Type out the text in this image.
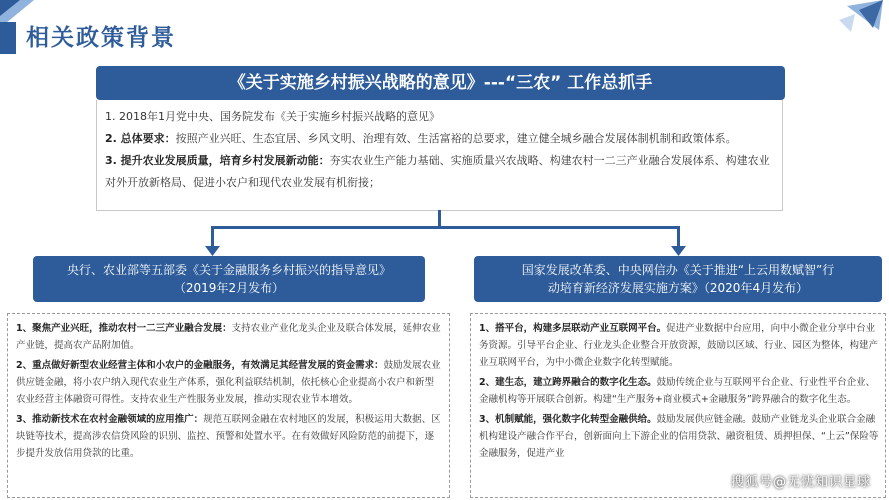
相关政策背景
《关于实施乡村振兴战略的意见》---“三农” 工作总抓手
1. 2018年1月党中央、国务院发布《关于实施乡村振兴战略的意见》
2. 总体要求：按照产业兴旺、生态宜居、乡风文明、治理有效、生活富裕的总要求，建立健全城乡融合发展体制机制和政策体系。
3. 提升农业发展质量，培育乡村发展新动能：夯实农业生产能力基础、实施质量兴农战略、构建农村一二三产业融合发展体系、构建农业对外开放新格局、促进小农户和现代农业发展有机衔接；
央行、农业部等五部委《关于金融服务乡村振兴的指导意见》
（2019年2月发布）
1、聚焦产业兴旺，推动农村一二三产业融合发展：支持农业产业化龙头企业及联合体发展，延伸农业产业链，提高农产品附加值。
2、重点做好新型农业经营主体和小农户的金融服务，有效满足其经营发展的资金需求：鼓励发展农业供应链金融，将小农户纳入现代农业生产体系，强化利益联结机制，依托核心企业提高小农户和新型农业经营主体融资可得性。支持农业生产性服务业发展，推动实现农业节本增效。
3、推动新技术在农村金融领域的应用推广：规范互联网金融在农村地区的发展，积极运用大数据、区块链等技术，提高涉农信贷风险的识别、监控、预警和处置水平。在有效做好风险防范的前提下，逐步提升发放信用贷款的比重。
国家发展改革委、中央网信办《关于推进“上云用数赋智”行
动培育新经济发展实施方案》（2020年4月发布）
1、搭平台，构建多层联动产业互联网平台。促进产业数据中台应用，向中小微企业分享中台业务资源。引导平台企业、行业龙头企业整合开放资源，鼓励以区域、行业、园区为整体，构建产业互联网平台，为中小微企业数字化转型赋能。
2、建生态，建立跨界融合的数字化生态。鼓励传统企业与互联网平台企业、行业性平台企业、金融机构等开展联合创新。构建“生产服务+商业模式+金融服务”跨界融合的数字化生态。
3、机制赋能，强化数字化转型金融供给。鼓励发展供应链金融。鼓励产业链龙头企业联合金融机构建设产融合作平台，创新面向上下游企业的信用贷款、融资租赁、质押担保、“上云”保险等金融服务，促进产业
搜狐号@无忧知识星球
